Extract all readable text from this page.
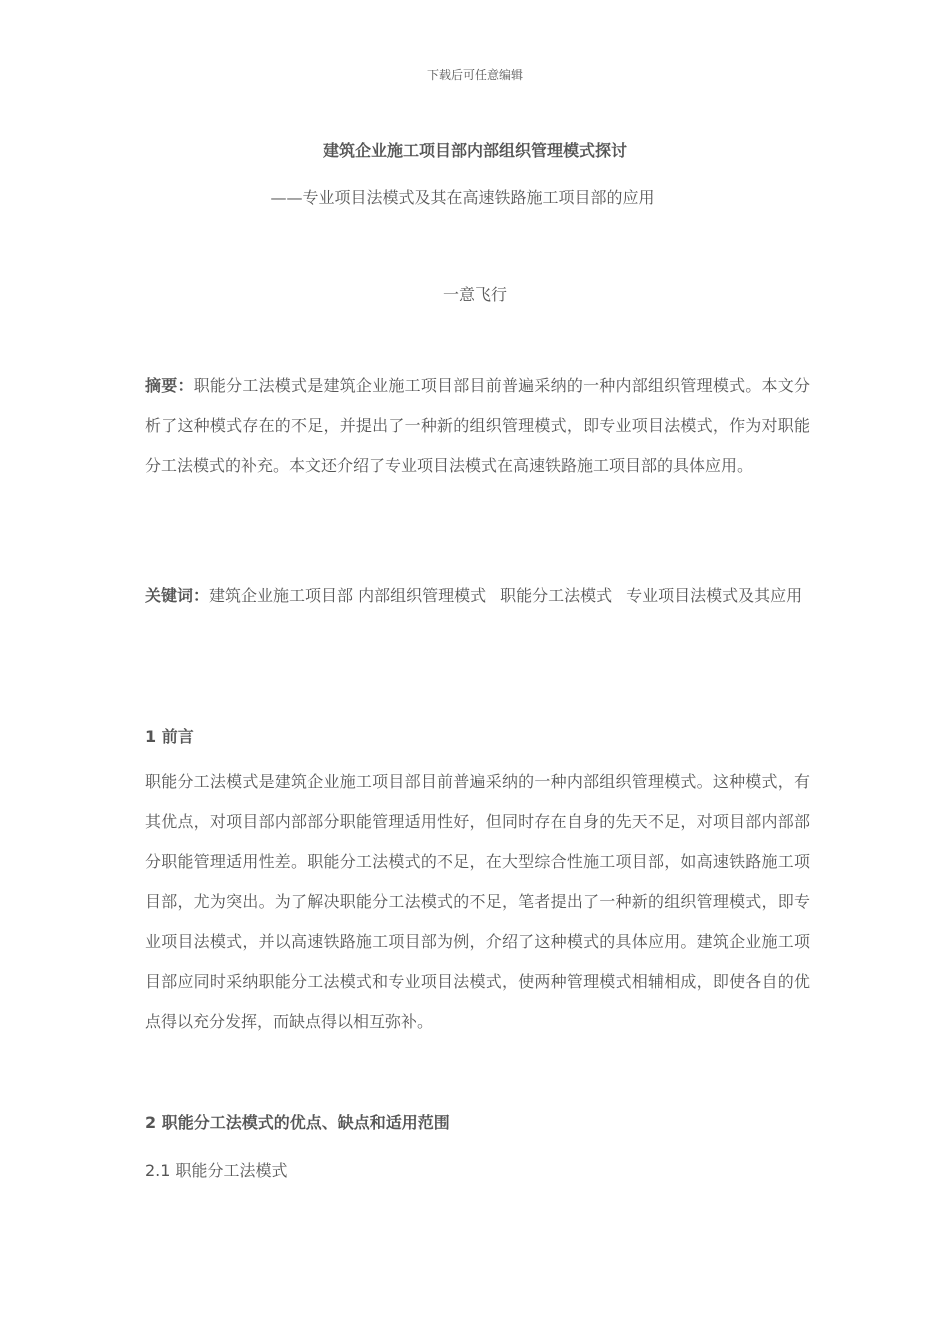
下载后可任意编辑
建筑企业施工项目部内部组织管理模式探讨
——专业项目法模式及其在高速铁路施工项目部的应用
一意飞行
摘要：职能分工法模式是建筑企业施工项目部目前普遍采纳的一种内部组织管理模式。本文分析了这种模式存在的不足，并提出了一种新的组织管理模式，即专业项目法模式，作为对职能分工法模式的补充。本文还介绍了专业项目法模式在高速铁路施工项目部的具体应用。
关键词：建筑企业施工项目部 内部组织管理模式 职能分工法模式 专业项目法模式及其应用
1 前言
职能分工法模式是建筑企业施工项目部目前普遍采纳的一种内部组织管理模式。这种模式，有其优点，对项目部内部部分职能管理适用性好，但同时存在自身的先天不足，对项目部内部部分职能管理适用性差。职能分工法模式的不足，在大型综合性施工项目部，如高速铁路施工项目部，尤为突出。为了解决职能分工法模式的不足，笔者提出了一种新的组织管理模式，即专业项目法模式，并以高速铁路施工项目部为例，介绍了这种模式的具体应用。建筑企业施工项目部应同时采纳职能分工法模式和专业项目法模式，使两种管理模式相辅相成，即使各自的优点得以充分发挥，而缺点得以相互弥补。
2 职能分工法模式的优点、缺点和适用范围
2.1 职能分工法模式
